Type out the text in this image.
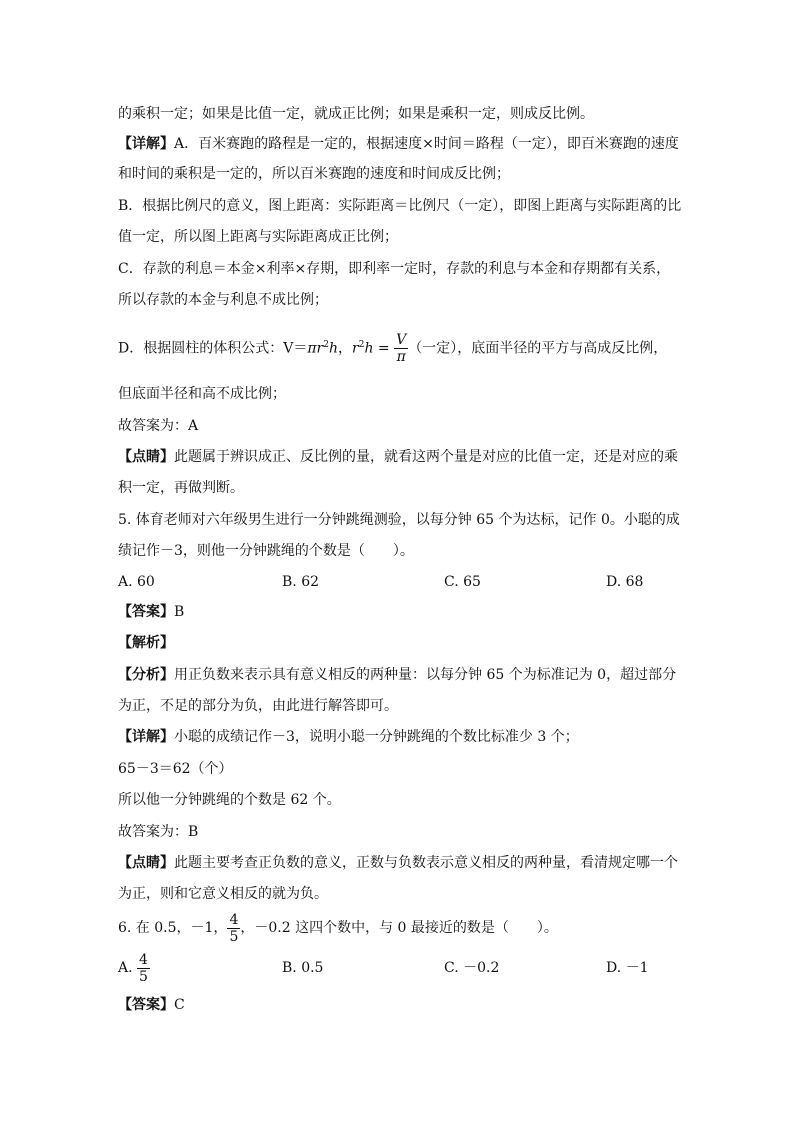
的乘积一定；如果是比值一定，就成正比例；如果是乘积一定，则成反比例。
【详解】A．百米赛跑的路程是一定的，根据速度×时间＝路程（一定），即百米赛跑的速度
和时间的乘积是一定的，所以百米赛跑的速度和时间成反比例；
B．根据比例尺的意义，图上距离：实际距离＝比例尺（一定），即图上距离与实际距离的比
值一定，所以图上距离与实际距离成正比例；
C．存款的利息＝本金×利率×存期，即利率一定时，存款的利息与本金和存期都有关系，
所以存款的本金与利息不成比例；
D．根据圆柱的体积公式：$V=\pi r^2h$，$r^2h = \frac{V}{\pi}$ （一定），底面半径的平方与高成反比例，
但底面半径和高不成比例；
故答案为：A
【点睛】此题属于辨识成正、反比例的量，就看这两个量是对应的比值一定，还是对应的乘
积一定，再做判断。
5. 体育老师对六年级男生进行一分钟跳绳测验，以每分钟 65 个为达标，记作 0。小聪的成
绩记作－3，则他一分钟跳绳的个数是（　　）。
A. 60	B. 62	C. 65	D. 68
【答案】B
【解析】
【分析】用正负数来表示具有意义相反的两种量：以每分钟 65 个为标准记为 0，超过部分
为正，不足的部分为负，由此进行解答即可。
【详解】小聪的成绩记作－3，说明小聪一分钟跳绳的个数比标准少 3 个；
65－3＝62（个）
所以他一分钟跳绳的个数是 62 个。
故答案为：B
【点睛】此题主要考查正负数的意义，正数与负数表示意义相反的两种量，看清规定哪一个
为正，则和它意义相反的就为负。
6. 在 0.5，－1， $\frac{4}{5}$ ，－0.2 这四个数中，与 0 最接近的数是（　　）。
A. $\frac{4}{5}$	B. 0.5	C. －0.2	D. －1
【答案】C
